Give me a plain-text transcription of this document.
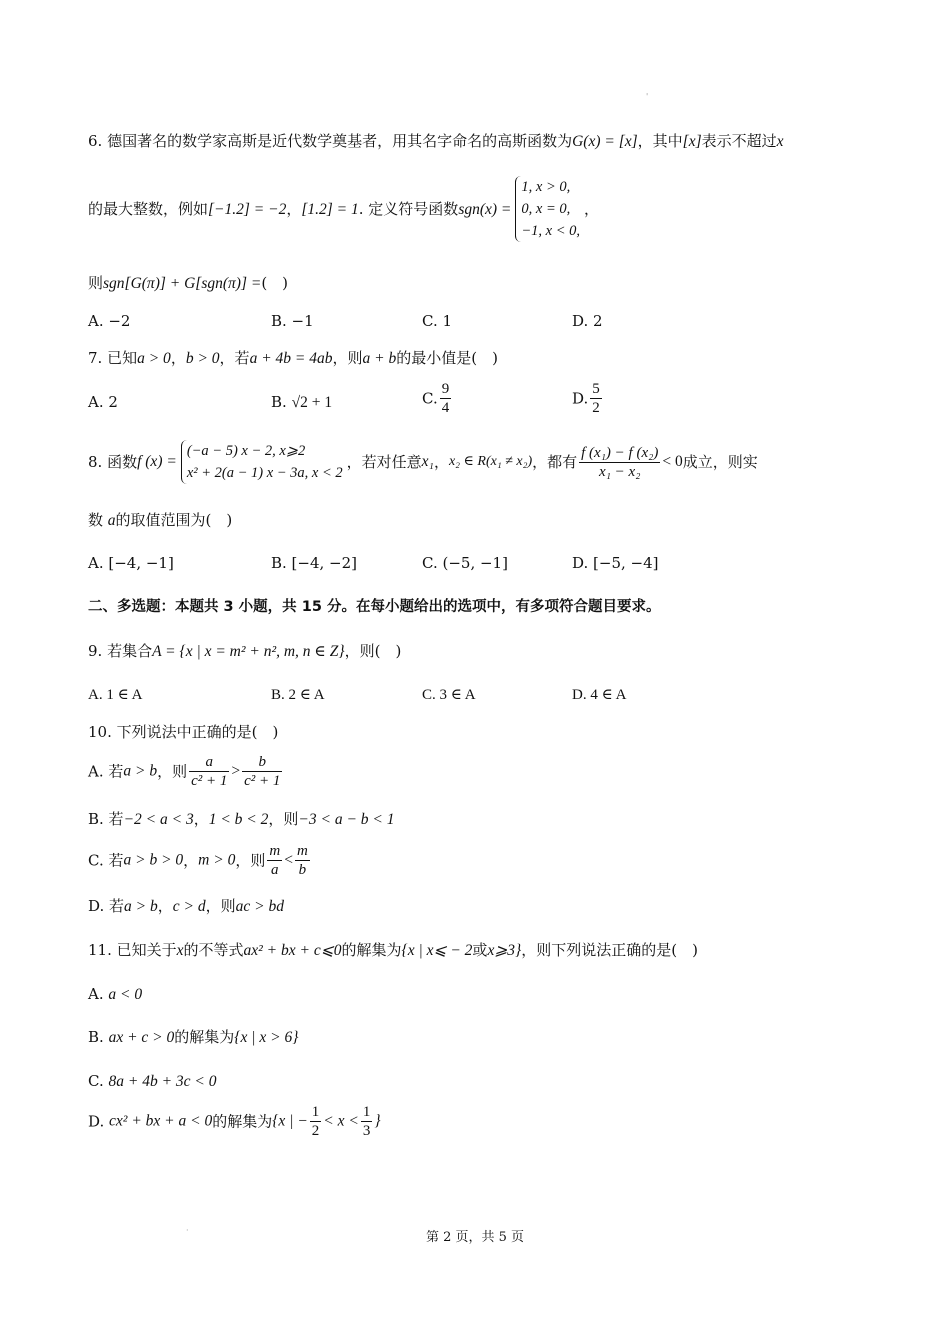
'
6. 德国著名的数学家高斯是近代数学奠基者，用其名字命名的高斯函数为G(x) = [x]，其中[x]表示不超过x
的最大整数，例如[−1.2] = −2，[1.2] = 1. 定义符号函数sgn(x) =
1, x > 0,
0, x = 0,
−1, x < 0,
，
则sgn[G(π)] + G[sgn(π)] =(　)
A. −2	B. −1	C. 1	D. 2
7. 已知a > 0，b > 0，若a + 4b = 4ab，则a + b的最小值是(　)
A. 2	B. √2 + 1	C. $\frac{9}{4}$	D. $\frac{5}{2}$
8. 函数f (x) =
(−a − 5) x − 2, x⩾2
x² + 2(a − 1) x − 3a, x < 2
，若对任意x₁，x₂ ∈ R(x₁ ≠ x₂)，都有 $\frac{\text{f (x₁) − f (x₂)}}{\text{x₁ − x₂}} < 0$成立，则实
数 a的取值范围为(　)
A. [−4, −1]	B. [−4, −2]	C. (−5, −1]	D. [−5, −4]
二、多选题：本题共 3 小题，共 15 分。在每小题给出的选项中，有多项符合题目要求。
9. 若集合A = {x | x = m² + n², m, n ∈ Z}，则(　)
A. 1 ∈ A	B. 2 ∈ A	C. 3 ∈ A	D. 4 ∈ A
10. 下列说法中正确的是(　)
A. 若a > b，则 $\frac{a}{\text{c² + 1}} > \frac{b}{\text{c² + 1}}$
B. 若−2 < a < 3，1 < b < 2，则−3 < a − b < 1
C. 若a > b > 0，m > 0，则 $\frac{m}{a} < \frac{m}{b}$
D. 若a > b，c > d，则ac > bd
11. 已知关于x的不等式ax² + bx + c⩽0的解集为{x | x⩽ − 2或x⩾3}，则下列说法正确的是(　)
A. a < 0
B. ax + c > 0的解集为{x | x > 6}
C. 8a + 4b + 3c < 0
D. cx² + bx + a < 0的解集为{x | − $\frac{1}{2} < x < \frac{1}{3}$ }
·	第 2 页，共 5 页
